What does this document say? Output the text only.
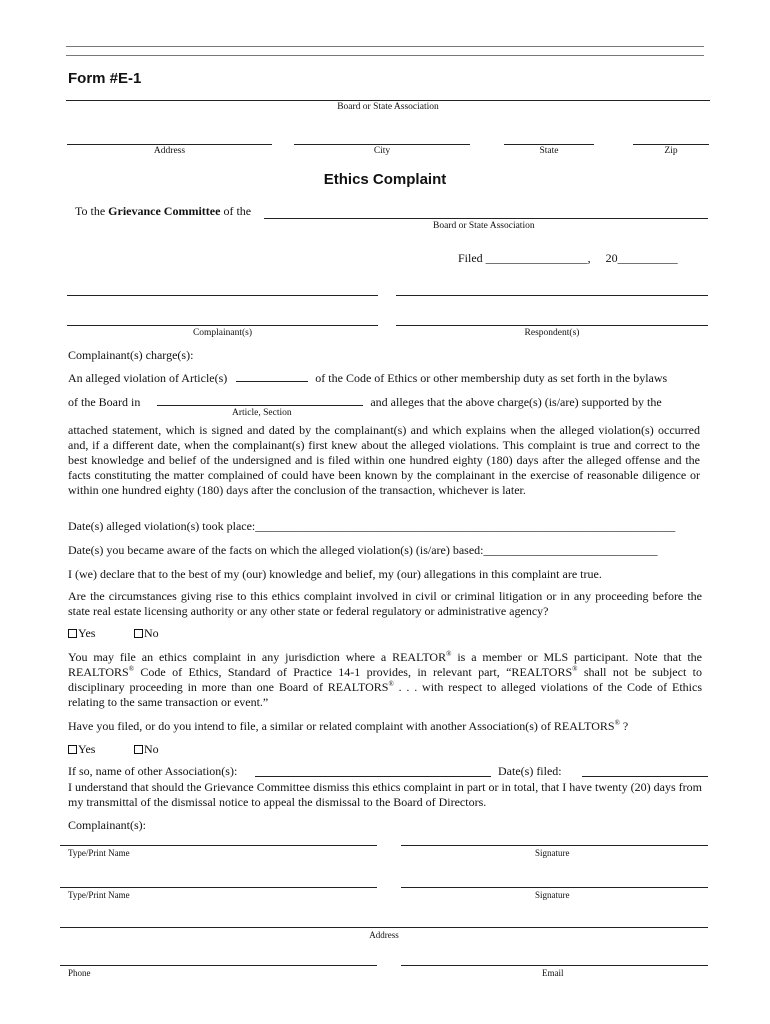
Form #E-1
Board or State Association
Address	City	State	Zip
Ethics Complaint
To the Grievance Committee of the
Board or State Association
Filed _________________, 20__________
Complainant(s)	Respondent(s)
Complainant(s) charge(s):
An alleged violation of Article(s)	of the Code of Ethics or other membership duty as set forth in the bylaws
of the Board in	and alleges that the above charge(s) (is/are) supported by the
Article, Section
attached statement, which is signed and dated by the complainant(s) and which explains when the alleged violation(s) occurred and, if a different date, when the complainant(s) first knew about the alleged violations. This complaint is true and correct to the best knowledge and belief of the undersigned and is filed within one hundred eighty (180) days after the alleged offense and the facts constituting the matter complained of could have been known by the complainant in the exercise of reasonable diligence or within one hundred eighty (180) days after the conclusion of the transaction, whichever is later.
Date(s) alleged violation(s) took place:______________________________________________________________________
Date(s) you became aware of the facts on which the alleged violation(s) (is/are) based:_____________________________
I (we) declare that to the best of my (our) knowledge and belief, my (our) allegations in this complaint are true.
Are the circumstances giving rise to this ethics complaint involved in civil or criminal litigation or in any proceeding before the state real estate licensing authority or any other state or federal regulatory or administrative agency?
Yes	No
You may file an ethics complaint in any jurisdiction where a REALTOR® is a member or MLS participant. Note that the REALTORS® Code of Ethics, Standard of Practice 14-1 provides, in relevant part, “REALTORS® shall not be subject to disciplinary proceeding in more than one Board of REALTORS® . . . with respect to alleged violations of the Code of Ethics relating to the same transaction or event.”
Have you filed, or do you intend to file, a similar or related complaint with another Association(s) of REALTORS® ?
Yes	No
If so, name of other Association(s):	Date(s) filed:
I understand that should the Grievance Committee dismiss this ethics complaint in part or in total, that I have twenty (20) days from my transmittal of the dismissal notice to appeal the dismissal to the Board of Directors.
Complainant(s):
Type/Print Name	Signature
Type/Print Name	Signature
Address
Phone	Email
